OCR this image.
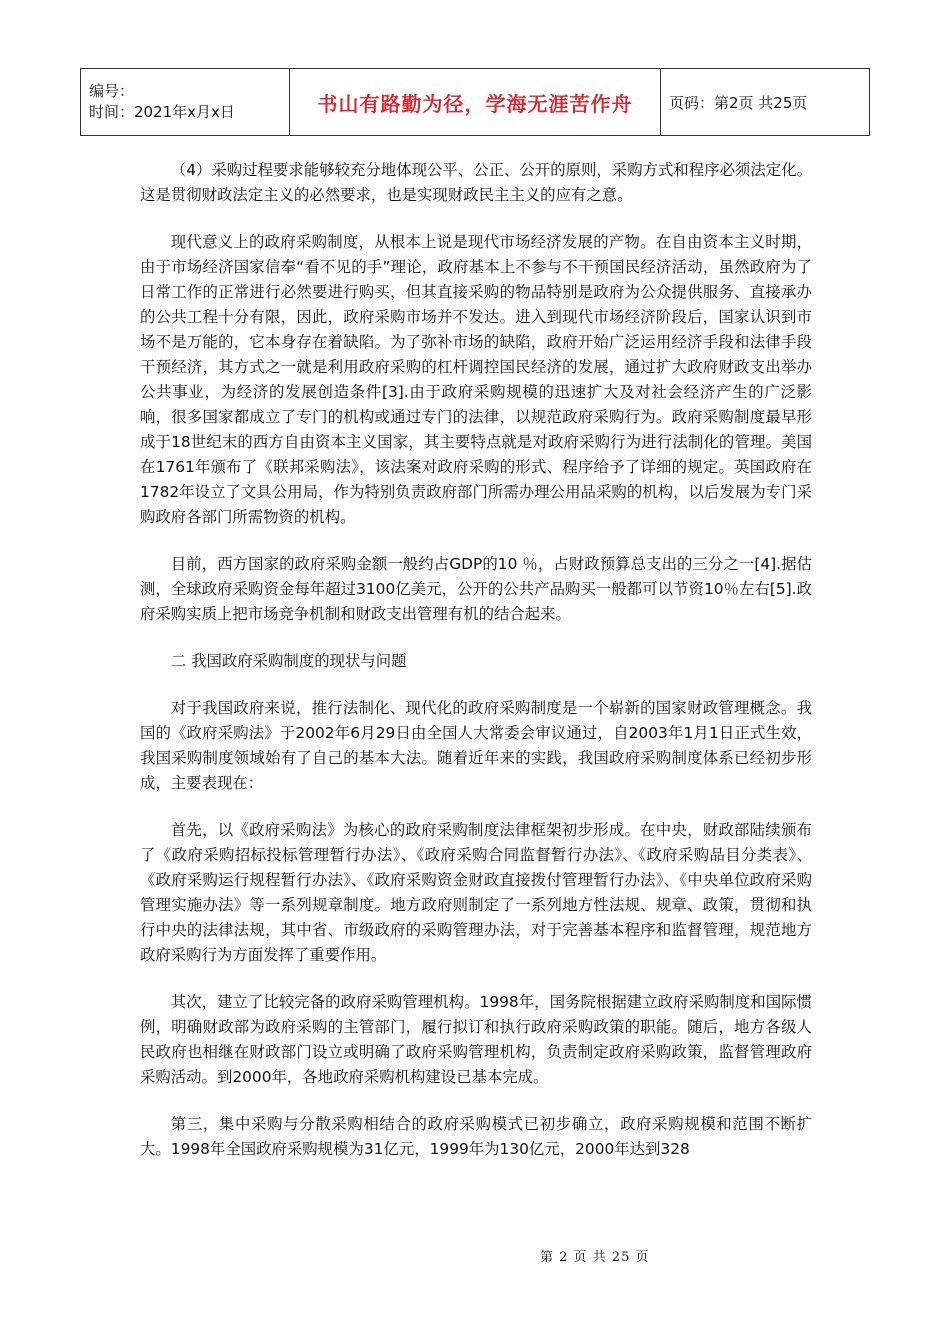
编号：
时间：2021年x月x日	书山有路勤为径，学海无涯苦作舟	页码：第2页 共25页

（4）采购过程要求能够较充分地体现公平、公正、公开的原则，采购方式和程序必须法定化。这是贯彻财政法定主义的必然要求，也是实现财政民主主义的应有之意。

现代意义上的政府采购制度，从根本上说是现代市场经济发展的产物。在自由资本主义时期，由于市场经济国家信奉“看不见的手”理论，政府基本上不参与不干预国民经济活动，虽然政府为了日常工作的正常进行必然要进行购买，但其直接采购的物品特别是政府为公众提供服务、直接承办的公共工程十分有限，因此，政府采购市场并不发达。进入到现代市场经济阶段后，国家认识到市场不是万能的，它本身存在着缺陷。为了弥补市场的缺陷，政府开始广泛运用经济手段和法律手段干预经济，其方式之一就是利用政府采购的杠杆调控国民经济的发展，通过扩大政府财政支出举办公共事业，为经济的发展创造条件[3].由于政府采购规模的迅速扩大及对社会经济产生的广泛影响，很多国家都成立了专门的机构或通过专门的法律，以规范政府采购行为。政府采购制度最早形成于18世纪末的西方自由资本主义国家，其主要特点就是对政府采购行为进行法制化的管理。美国在1761年颁布了《联邦采购法》，该法案对政府采购的形式、程序给予了详细的规定。英国政府在1782年设立了文具公用局，作为特别负责政府部门所需办理公用品采购的机构，以后发展为专门采购政府各部门所需物资的机构。

目前，西方国家的政府采购金额一般约占GDP的10 ％，占财政预算总支出的三分之一[4].据估测，全球政府采购资金每年超过3100亿美元，公开的公共产品购买一般都可以节资10％左右[5].政府采购实质上把市场竞争机制和财政支出管理有机的结合起来。

二 我国政府采购制度的现状与问题

对于我国政府来说，推行法制化、现代化的政府采购制度是一个崭新的国家财政管理概念。我国的《政府采购法》于2002年6月29日由全国人大常委会审议通过，自2003年1月1日正式生效，我国采购制度领域始有了自己的基本大法。随着近年来的实践，我国政府采购制度体系已经初步形成，主要表现在：

首先，以《政府采购法》为核心的政府采购制度法律框架初步形成。在中央，财政部陆续颁布了《政府采购招标投标管理暂行办法》、《政府采购合同监督暂行办法》、《政府采购品目分类表》、《政府采购运行规程暂行办法》、《政府采购资金财政直接拨付管理暂行办法》、《中央单位政府采购管理实施办法》等一系列规章制度。地方政府则制定了一系列地方性法规、规章、政策，贯彻和执行中央的法律法规，其中省、市级政府的采购管理办法，对于完善基本程序和监督管理，规范地方政府采购行为方面发挥了重要作用。

其次，建立了比较完备的政府采购管理机构。1998年，国务院根据建立政府采购制度和国际惯例，明确财政部为政府采购的主管部门，履行拟订和执行政府采购政策的职能。随后，地方各级人民政府也相继在财政部门设立或明确了政府采购管理机构，负责制定政府采购政策，监督管理政府采购活动。到2000年，各地政府采购机构建设已基本完成。

第三，集中采购与分散采购相结合的政府采购模式已初步确立，政府采购规模和范围不断扩大。1998年全国政府采购规模为31亿元，1999年为130亿元，2000年达到328

第 2 页 共 25 页
